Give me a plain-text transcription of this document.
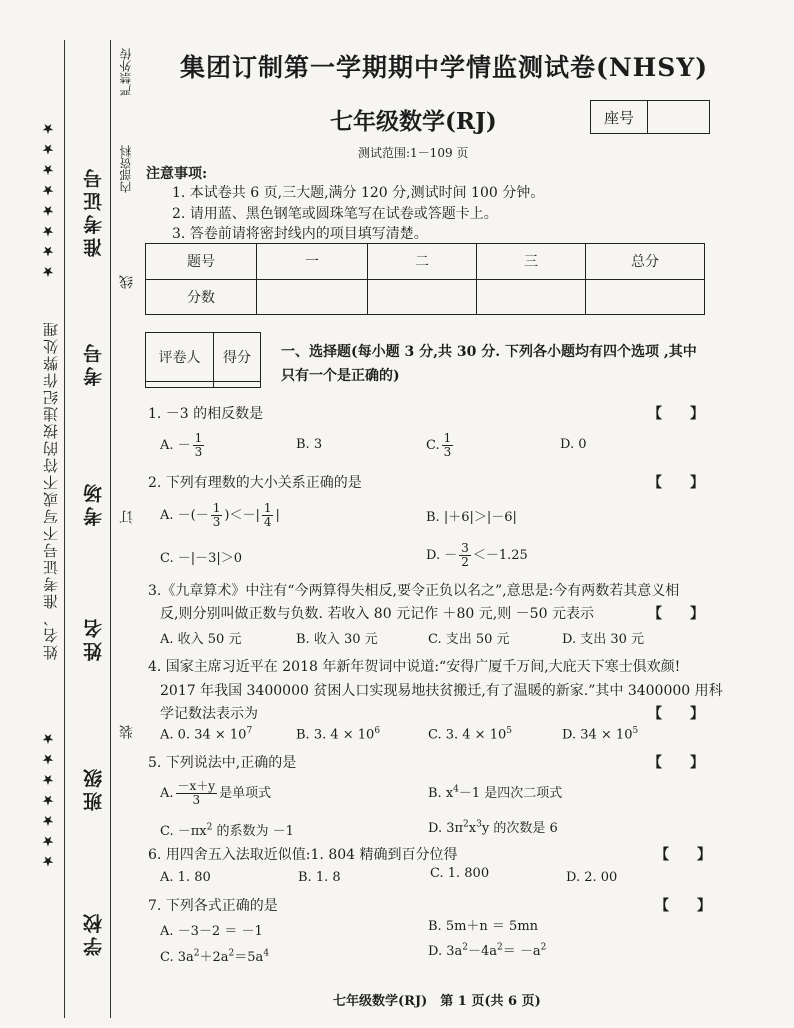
姓名、准考证号不写或不符的按违纪作弊处理
★ ★ ★ ★ ★ ★ ★ ★
★ ★ ★ ★ ★ ★ ★
准考证号
考号
考场
姓名
班级
学校
线
订
装
严禁外传
内部资料
集团订制第一学期期中学情监测试卷(NHSY)
七年级数学(RJ)	座号
测试范围:1－109 页
注意事项:
1. 本试卷共 6 页,三大题,满分 120 分,测试时间 100 分钟。
2. 请用蓝、黑色钢笔或圆珠笔写在试卷或答题卡上。
3. 答卷前请将密封线内的项目填写清楚。
题号	一	二	三	总分
分数				
评卷人	得分
	一、选择题(每小题 3 分,共 30 分. 下列各小题均有四个选项 ,其中只有一个是正确的)
1. －3 的相反数是	【　　】
A. － $\frac{1}{3}$	B. 3	C. $\frac{1}{3}$	D. 0
2. 下列有理数的大小关系正确的是	【　　】
A. －(－ $\frac{1}{3}$ )＜－| $\frac{1}{4}$ |	B. |＋6|＞|－6|
C. －|－3|＞0	D. － $\frac{3}{2} <-1.25$
3.《九章算术》中注有“今两算得失相反,要令正负以名之”,意思是:今有两数若其意义相
反,则分别叫做正数与负数. 若收入 80 元记作 ＋80 元,则 －50 元表示	【　　】
A. 收入 50 元	B. 收入 30 元	C. 支出 50 元	D. 支出 30 元
4. 国家主席习近平在 2018 年新年贺词中说道:“安得广厦千万间,大庇天下寒士俱欢颜!
2017 年我国 3400000 贫困人口实现易地扶贫搬迁,有了温暖的新家.”其中 3400000 用科
学记数法表示为	【　　】
A. 0. $34 \times 10^7$	B. 3. $4 \times 10^6$	C. 3. $4 \times 10^5$	D. $34 \times 10^5$
5. 下列说法中,正确的是	【　　】
A. $\frac{-x+y}{3}$ 是单项式	B. $x^4-1$ 是四次二项式
C. $-\pi x^2$ 的系数为 －1	D. $3\pi^2x^3y$ 的次数是 6
6. 用四舍五入法取近似值:1. 804 精确到百分位得	【　　】
A. 1. 80	B. 1. 8	C. 1. 800	D. 2. 00
7. 下列各式正确的是	【　　】
A. －3－2 ＝ －1	B. 5m＋n ＝ 5mn
C. $3a^2+2a^2=5a^4$	D. $3a^2-4a^2= -a^2$
七年级数学(RJ)　第 1 页(共 6 页)
